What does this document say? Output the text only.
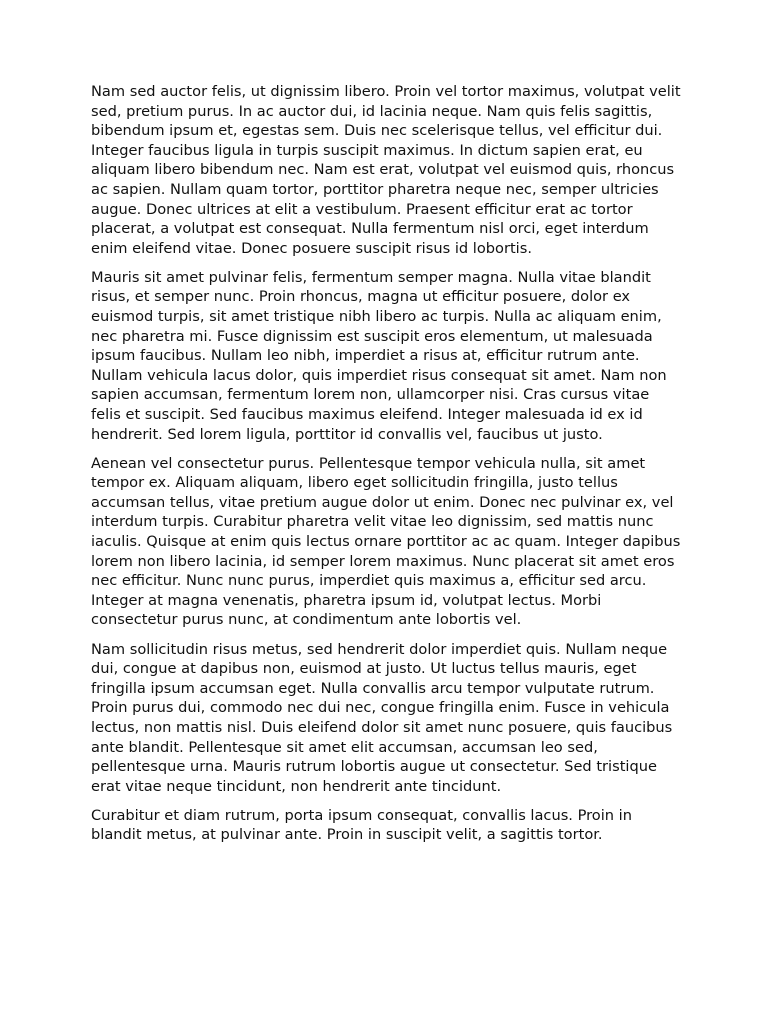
Nam sed auctor felis, ut dignissim libero. Proin vel tortor maximus, volutpat velit sed, pretium purus. In ac auctor dui, id lacinia neque. Nam quis felis sagittis, bibendum ipsum et, egestas sem. Duis nec scelerisque tellus, vel efficitur dui. Integer faucibus ligula in turpis suscipit maximus. In dictum sapien erat, eu aliquam libero bibendum nec. Nam est erat, volutpat vel euismod quis, rhoncus ac sapien. Nullam quam tortor, porttitor pharetra neque nec, semper ultricies augue. Donec ultrices at elit a vestibulum. Praesent efficitur erat ac tortor placerat, a volutpat est consequat. Nulla fermentum nisl orci, eget interdum enim eleifend vitae. Donec posuere suscipit risus id lobortis.

Mauris sit amet pulvinar felis, fermentum semper magna. Nulla vitae blandit risus, et semper nunc. Proin rhoncus, magna ut efficitur posuere, dolor ex euismod turpis, sit amet tristique nibh libero ac turpis. Nulla ac aliquam enim, nec pharetra mi. Fusce dignissim est suscipit eros elementum, ut malesuada ipsum faucibus. Nullam leo nibh, imperdiet a risus at, efficitur rutrum ante. Nullam vehicula lacus dolor, quis imperdiet risus consequat sit amet. Nam non sapien accumsan, fermentum lorem non, ullamcorper nisi. Cras cursus vitae felis et suscipit. Sed faucibus maximus eleifend. Integer malesuada id ex id hendrerit. Sed lorem ligula, porttitor id convallis vel, faucibus ut justo.

Aenean vel consectetur purus. Pellentesque tempor vehicula nulla, sit amet tempor ex. Aliquam aliquam, libero eget sollicitudin fringilla, justo tellus accumsan tellus, vitae pretium augue dolor ut enim. Donec nec pulvinar ex, vel interdum turpis. Curabitur pharetra velit vitae leo dignissim, sed mattis nunc iaculis. Quisque at enim quis lectus ornare porttitor ac ac quam. Integer dapibus lorem non libero lacinia, id semper lorem maximus. Nunc placerat sit amet eros nec efficitur. Nunc nunc purus, imperdiet quis maximus a, efficitur sed arcu. Integer at magna venenatis, pharetra ipsum id, volutpat lectus. Morbi consectetur purus nunc, at condimentum ante lobortis vel.

Nam sollicitudin risus metus, sed hendrerit dolor imperdiet quis. Nullam neque dui, congue at dapibus non, euismod at justo. Ut luctus tellus mauris, eget fringilla ipsum accumsan eget. Nulla convallis arcu tempor vulputate rutrum. Proin purus dui, commodo nec dui nec, congue fringilla enim. Fusce in vehicula lectus, non mattis nisl. Duis eleifend dolor sit amet nunc posuere, quis faucibus ante blandit. Pellentesque sit amet elit accumsan, accumsan leo sed, pellentesque urna. Mauris rutrum lobortis augue ut consectetur. Sed tristique erat vitae neque tincidunt, non hendrerit ante tincidunt.

Curabitur et diam rutrum, porta ipsum consequat, convallis lacus. Proin in blandit metus, at pulvinar ante. Proin in suscipit velit, a sagittis tortor.
